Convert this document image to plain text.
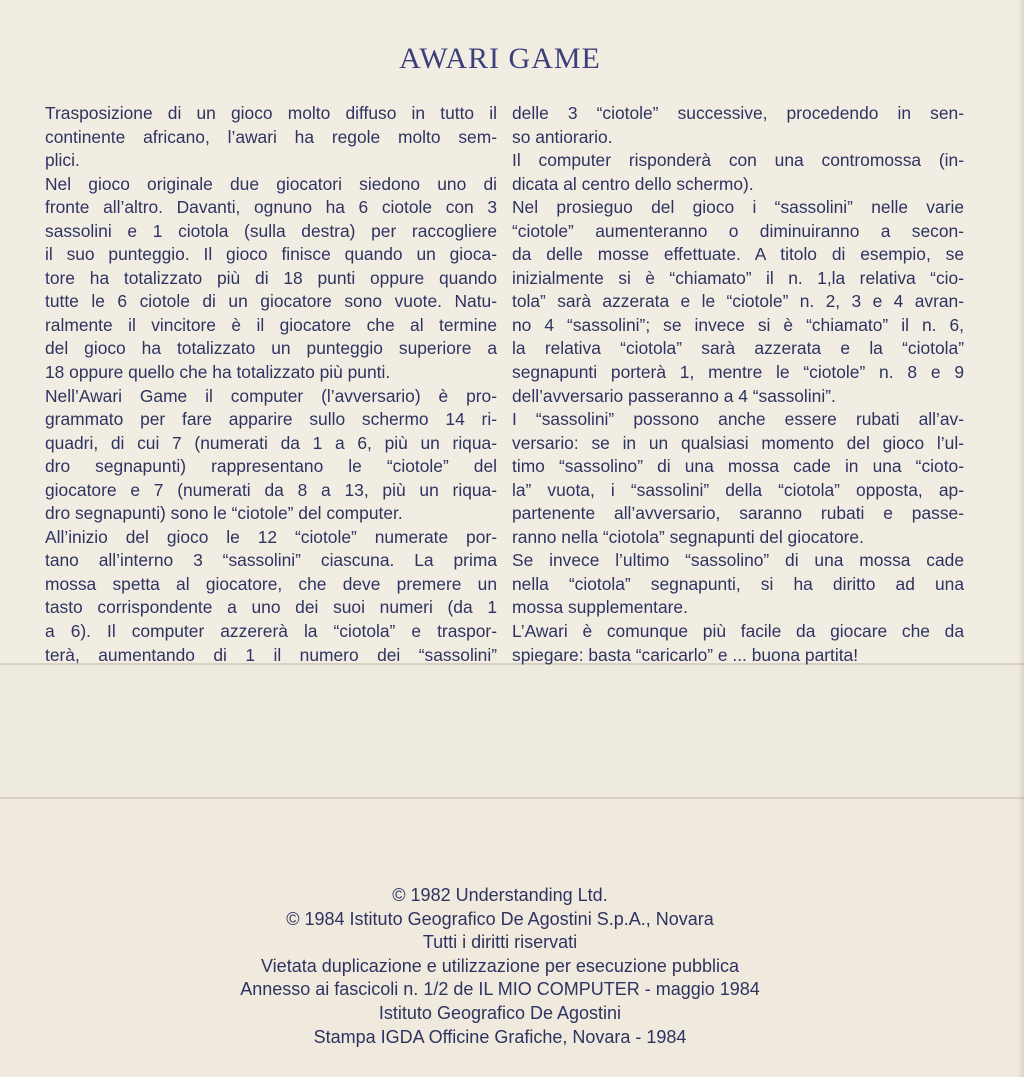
AWARI GAME
Trasposizione di un gioco molto diffuso in tutto il
continente africano, l’awari ha regole molto sem-
plici.
Nel gioco originale due giocatori siedono uno di
fronte all’altro. Davanti, ognuno ha 6 ciotole con 3
sassolini e 1 ciotola (sulla destra) per raccogliere
il suo punteggio. Il gioco finisce quando un gioca-
tore ha totalizzato più di 18 punti oppure quando
tutte le 6 ciotole di un giocatore sono vuote. Natu-
ralmente il vincitore è il giocatore che al termine
del gioco ha totalizzato un punteggio superiore a
18 oppure quello che ha totalizzato più punti.
Nell’Awari Game il computer (l’avversario) è pro-
grammato per fare apparire sullo schermo 14 ri-
quadri, di cui 7 (numerati da 1 a 6, più un riqua-
dro segnapunti) rappresentano le “ciotole” del
giocatore e 7 (numerati da 8 a 13, più un riqua-
dro segnapunti) sono le “ciotole” del computer.
All’inizio del gioco le 12 “ciotole” numerate por-
tano all’interno 3 “sassolini” ciascuna. La prima
mossa spetta al giocatore, che deve premere un
tasto corrispondente a uno dei suoi numeri (da 1
a 6). Il computer azzererà la “ciotola” e traspor-
terà, aumentando di 1 il numero dei “sassolini”
delle 3 “ciotole” successive, procedendo in sen-
so antiorario.
Il computer risponderà con una contromossa (in-
dicata al centro dello schermo).
Nel prosieguo del gioco i “sassolini” nelle varie
“ciotole” aumenteranno o diminuiranno a secon-
da delle mosse effettuate. A titolo di esempio, se
inizialmente si è “chiamato” il n. 1,la relativa “cio-
tola” sarà azzerata e le “ciotole” n. 2, 3 e 4 avran-
no 4 “sassolini”; se invece si è “chiamato” il n. 6,
la relativa “ciotola” sarà azzerata e la “ciotola”
segnapunti porterà 1, mentre le “ciotole” n. 8 e 9
dell’avversario passeranno a 4 “sassolini”.
I “sassolini” possono anche essere rubati all’av-
versario: se in un qualsiasi momento del gioco l’ul-
timo “sassolino” di una mossa cade in una “cioto-
la” vuota, i “sassolini” della “ciotola” opposta, ap-
partenente all’avversario, saranno rubati e passe-
ranno nella “ciotola” segnapunti del giocatore.
Se invece l’ultimo “sassolino” di una mossa cade
nella “ciotola” segnapunti, si ha diritto ad una
mossa supplementare.
L’Awari è comunque più facile da giocare che da
spiegare: basta “caricarlo” e ... buona partita!
© 1982 Understanding Ltd.
© 1984 Istituto Geografico De Agostini S.p.A., Novara
Tutti i diritti riservati
Vietata duplicazione e utilizzazione per esecuzione pubblica
Annesso ai fascicoli n. 1/2 de IL MIO COMPUTER - maggio 1984
Istituto Geografico De Agostini
Stampa IGDA Officine Grafiche, Novara - 1984
